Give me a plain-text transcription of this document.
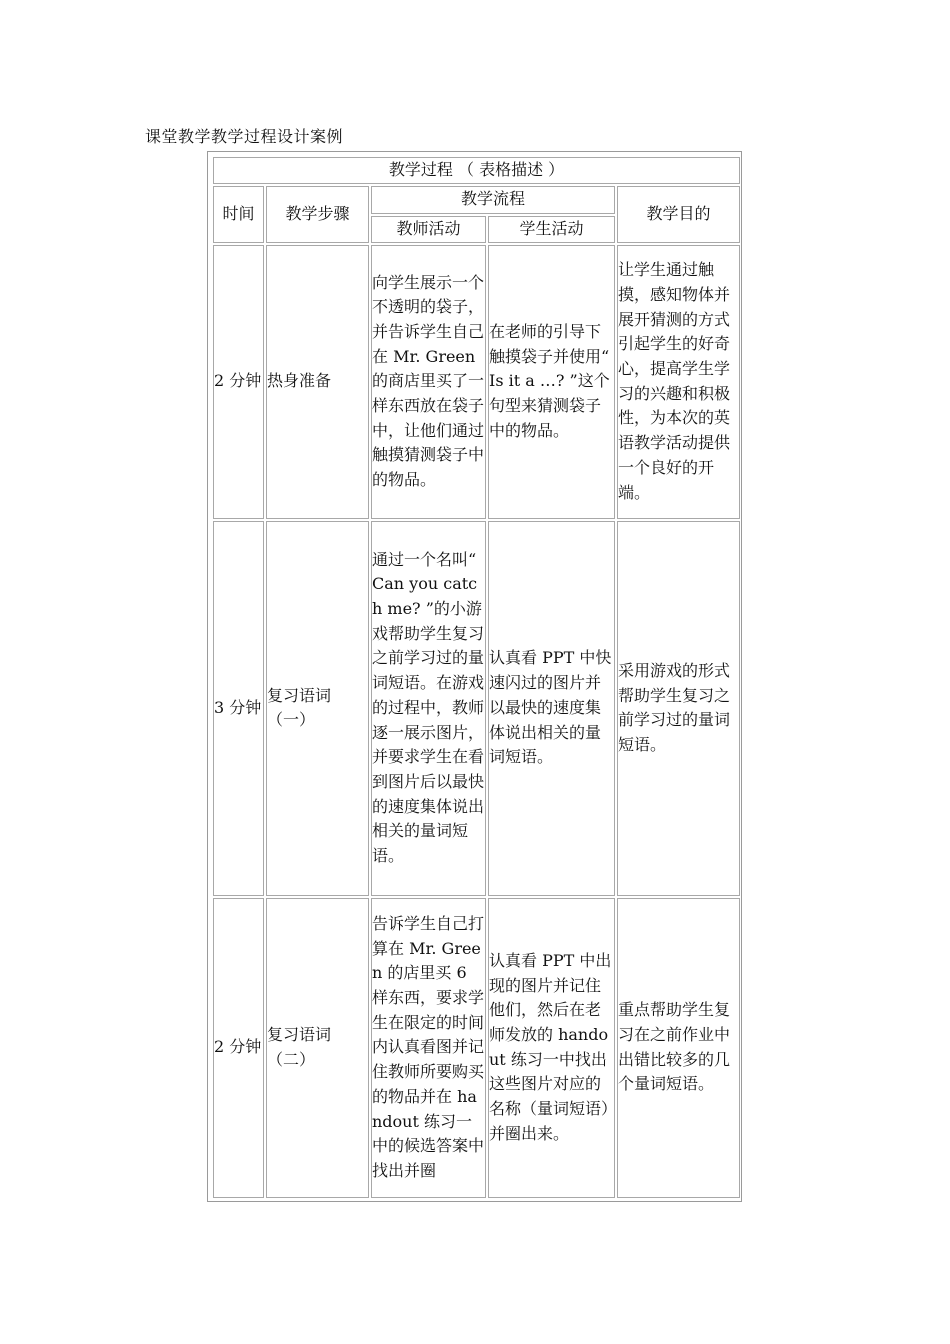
课堂教学教学过程设计案例
教学过程 （ 表格描述 ）				
时间	教学步骤	教学流程		教学目的
		教师活动	学生活动	
2 分钟	热身准备	向学生展示一个不透明的袋子，并告诉学生自己在 Mr. Green 的商店里买了一样东西放在袋子中，让他们通过触摸猜测袋子中的物品。	在老师的引导下触摸袋子并使用“ Is it a …? ”这个句型来猜测袋子中的物品。	让学生通过触摸，感知物体并展开猜测的方式引起学生的好奇心，提高学生学习的兴趣和积极性，为本次的英语教学活动提供一个良好的开端。
3 分钟	复习语词（一）	通过一个名叫“ Can you catch me? ”的小游戏帮助学生复习之前学习过的量词短语。在游戏的过程中，教师逐一展示图片，并要求学生在看到图片后以最快的速度集体说出相关的量词短语。	认真看 PPT 中快速闪过的图片并以最快的速度集体说出相关的量词短语。	采用游戏的形式帮助学生复习之前学习过的量词短语。
2 分钟	复习语词（二）	告诉学生自己打算在 Mr. Green 的店里买 6 样东西，要求学生在限定的时间内认真看图并记住教师所要购买的物品并在 handout 练习一中的候选答案中找出并圈	认真看 PPT 中出现的图片并记住他们，然后在老师发放的 handout 练习一中找出这些图片对应的名称（量词短语）并圈出来。	重点帮助学生复习在之前作业中出错比较多的几个量词短语。
